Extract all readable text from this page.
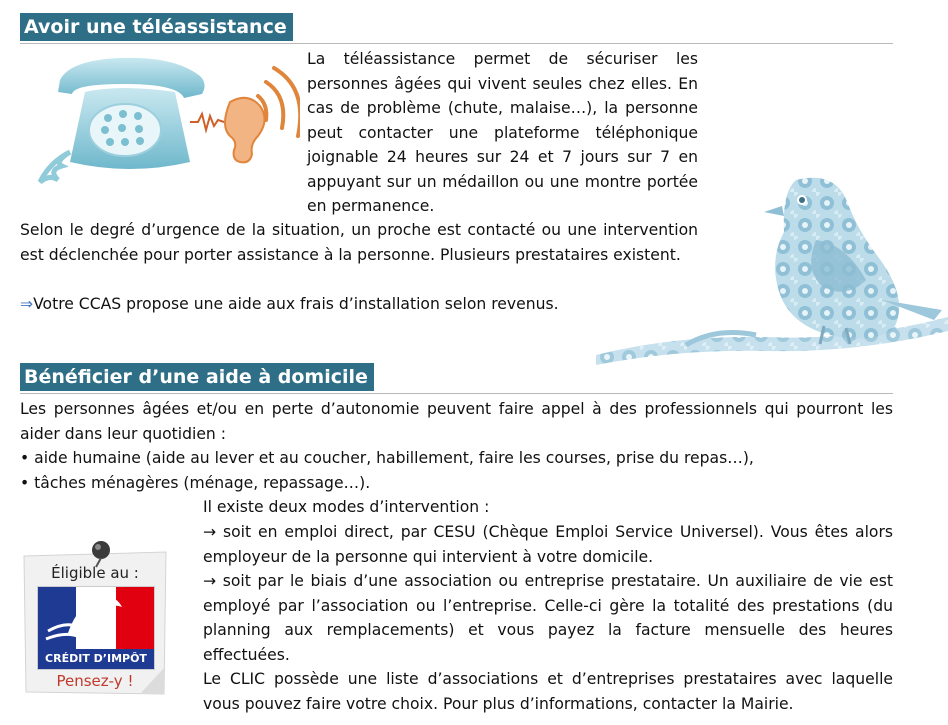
Avoir une téléassistance

La téléassistance permet de sécuriser les personnes âgées qui vivent seules chez elles. En cas de problème (chute, malaise…), la personne peut contacter une plateforme téléphonique joignable 24 heures sur 24 et 7 jours sur 7 en appuyant sur un médaillon ou une montre portée en permanence.

Selon le degré d’urgence de la situation, un proche est contacté ou une intervention est déclenchée pour porter assistance à la personne. Plusieurs prestataires existent.

⇒Votre CCAS propose une aide aux frais d’installation selon revenus.
Bénéficier d’une aide à domicile

Les personnes âgées et/ou en perte d’autonomie peuvent faire appel à des professionnels qui pourront les aider dans leur quotidien :

• aide humaine (aide au lever et au coucher, habillement, faire les courses, prise du repas…),

• tâches ménagères (ménage, repassage…).

Il existe deux modes d’intervention :

→ soit en emploi direct, par CESU (Chèque Emploi Service Universel). Vous êtes alors employeur de la personne qui intervient à votre domicile.

→ soit par le biais d’une association ou entreprise prestataire. Un auxiliaire de vie est employé par l’association ou l’entreprise. Celle-ci gère la totalité des prestations (du planning aux remplacements) et vous payez la facture mensuelle des heures effectuées.

Le CLIC possède une liste d’associations et d’entreprises prestataires avec laquelle vous pouvez faire votre choix. Pour plus d’informations, contacter la Mairie.

Éligible au :
CRÉDIT D’IMPÔT
Pensez-y !
